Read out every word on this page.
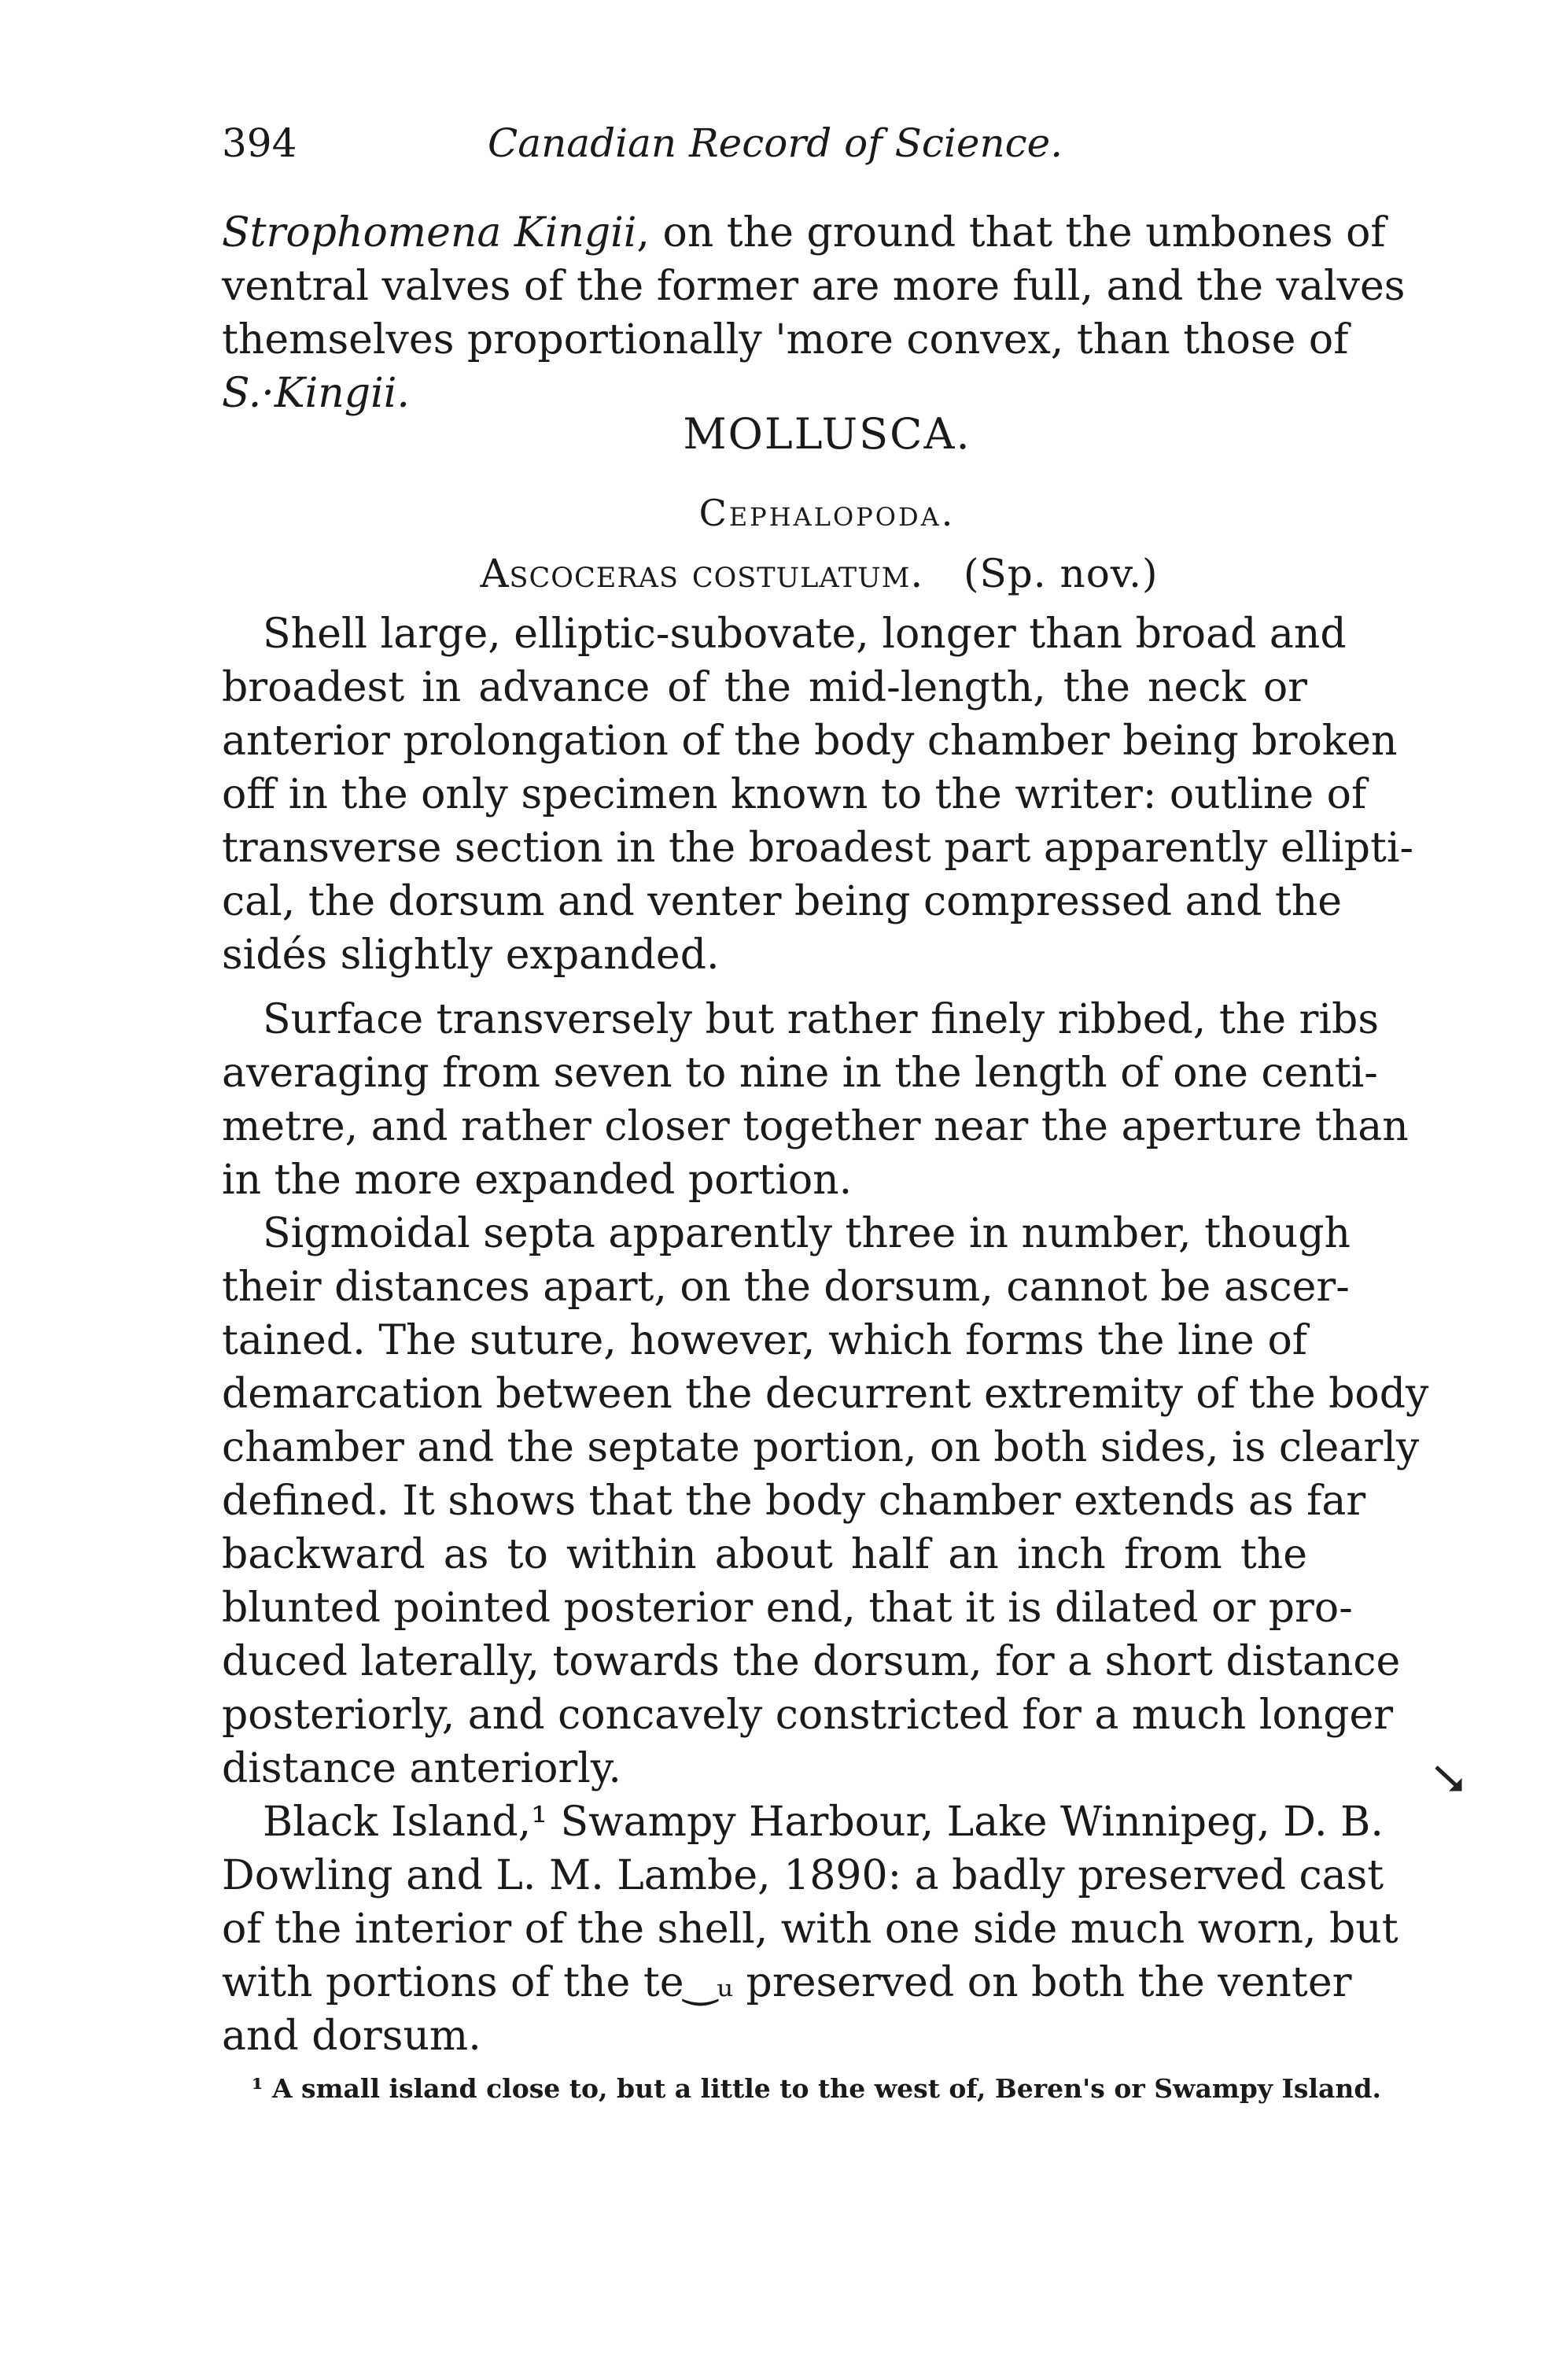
394	Canadian Record of Science.
Strophomena Kingii, on the ground that the umbones of
ventral valves of the former are more full, and the valves
themselves proportionally 'more convex, than those of
S.·Kingii.
MOLLUSCA.
Cephalopoda.
Ascoceras costulatum. (Sp. nov.)
Shell large, elliptic-subovate, longer than broad and
broadest in advance of the mid-length, the neck or
anterior prolongation of the body chamber being broken
off in the only specimen known to the writer: outline of
transverse section in the broadest part apparently ellipti-
cal, the dorsum and venter being compressed and the
sidés slightly expanded.
Surface transversely but rather finely ribbed, the ribs
averaging from seven to nine in the length of one centi-
metre, and rather closer together near the aperture than
in the more expanded portion.
Sigmoidal septa apparently three in number, though
their distances apart, on the dorsum, cannot be ascer-
tained. The suture, however, which forms the line of
demarcation between the decurrent extremity of the body
chamber and the septate portion, on both sides, is clearly
defined. It shows that the body chamber extends as far
backward as to within about half an inch from the
blunted pointed posterior end, that it is dilated or pro-
duced laterally, towards the dorsum, for a short distance
posteriorly, and concavely constricted for a much longer
distance anteriorly.
Black Island,¹ Swampy Harbour, Lake Winnipeg, D. B.
Dowling and L. M. Lambe, 1890: a badly preserved cast
of the interior of the shell, with one side much worn, but
with portions of the te‿ᵤ preserved on both the venter
and dorsum.
¹ A small island close to, but a little to the west of, Beren's or Swampy Island.
